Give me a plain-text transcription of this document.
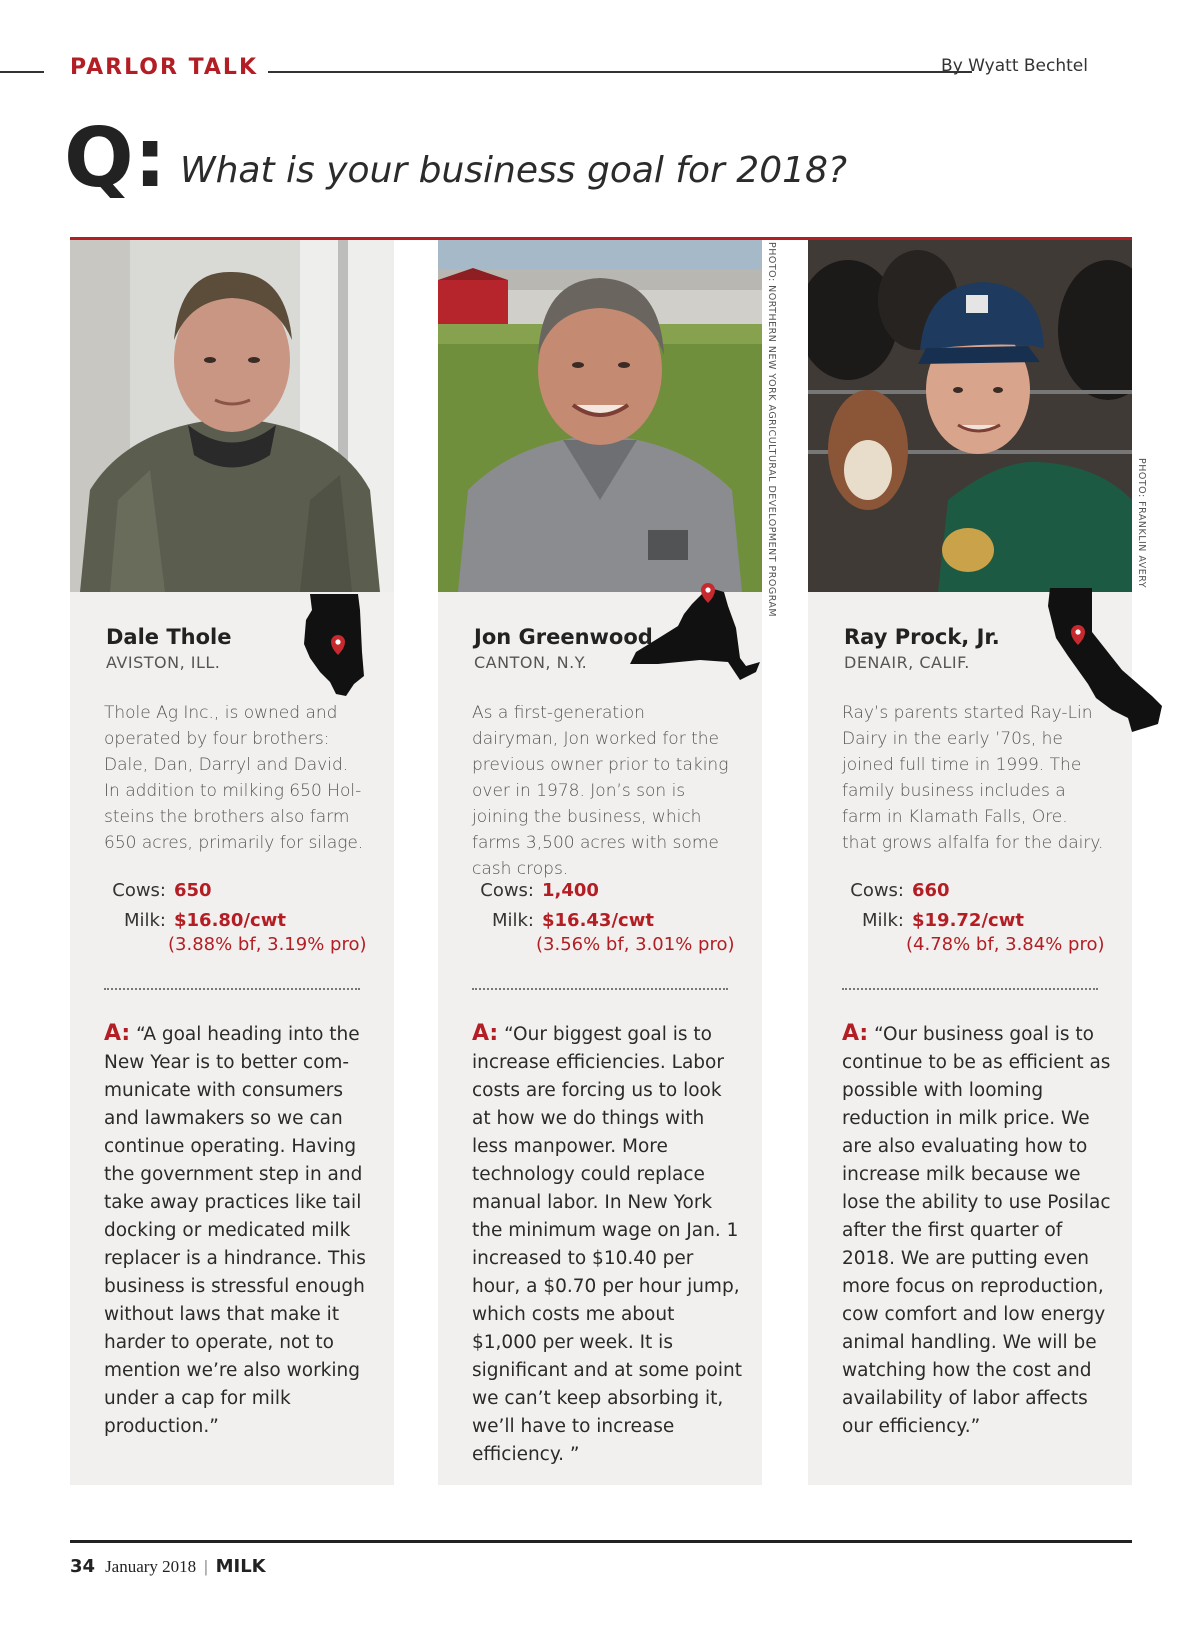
PARLOR TALK	By Wyatt Bechtel
Q: What is your business goal for 2018?
Dale Thole
AVISTON, ILL.
Thole Ag Inc., is owned and operated by four brothers: Dale, Dan, Darryl and David. In addition to milking 650 Holsteins the brothers also farm 650 acres, primarily for silage.
Cows: 650
Milk: $16.80/cwt
(3.88% bf, 3.19% pro)
A: “A goal heading into the New Year is to better communicate with consumers and lawmakers so we can continue operating. Having the government step in and take away practices like tail docking or medicated milk replacer is a hindrance. This business is stressful enough without laws that make it harder to operate, not to mention we’re also working under a cap for milk production.”
PHOTO: NORTHERN NEW YORK AGRICULTURAL DEVELOPMENT PROGRAM
Jon Greenwood
CANTON, N.Y.
As a first-generation dairyman, Jon worked for the previous owner prior to taking over in 1978. Jon’s son is joining the business, which farms 3,500 acres with some cash crops.
Cows: 1,400
Milk: $16.43/cwt
(3.56% bf, 3.01% pro)
A: “Our biggest goal is to increase efficiencies. Labor costs are forcing us to look at how we do things with less manpower. More technology could replace manual labor. In New York the minimum wage on Jan. 1 increased to $10.40 per hour, a $0.70 per hour jump, which costs me about $1,000 per week. It is significant and at some point we can’t keep absorbing it, we’ll have to increase efficiency. ”
PHOTO: FRANKLIN AVERY
Ray Prock, Jr.
DENAIR, CALIF.
Ray’s parents started Ray-Lin Dairy in the early ’70s, he joined full time in 1999. The family business includes a farm in Klamath Falls, Ore. that grows alfalfa for the dairy.
Cows: 660
Milk: $19.72/cwt
(4.78% bf, 3.84% pro)
A: “Our business goal is to continue to be as efficient as possible with looming reduction in milk price. We are also evaluating how to increase milk because we lose the ability to use Posilac after the first quarter of 2018. We are putting even more focus on reproduction, cow comfort and low energy animal handling. We will be watching how the cost and availability of labor affects our efficiency.”
34 January 2018 | MILK
